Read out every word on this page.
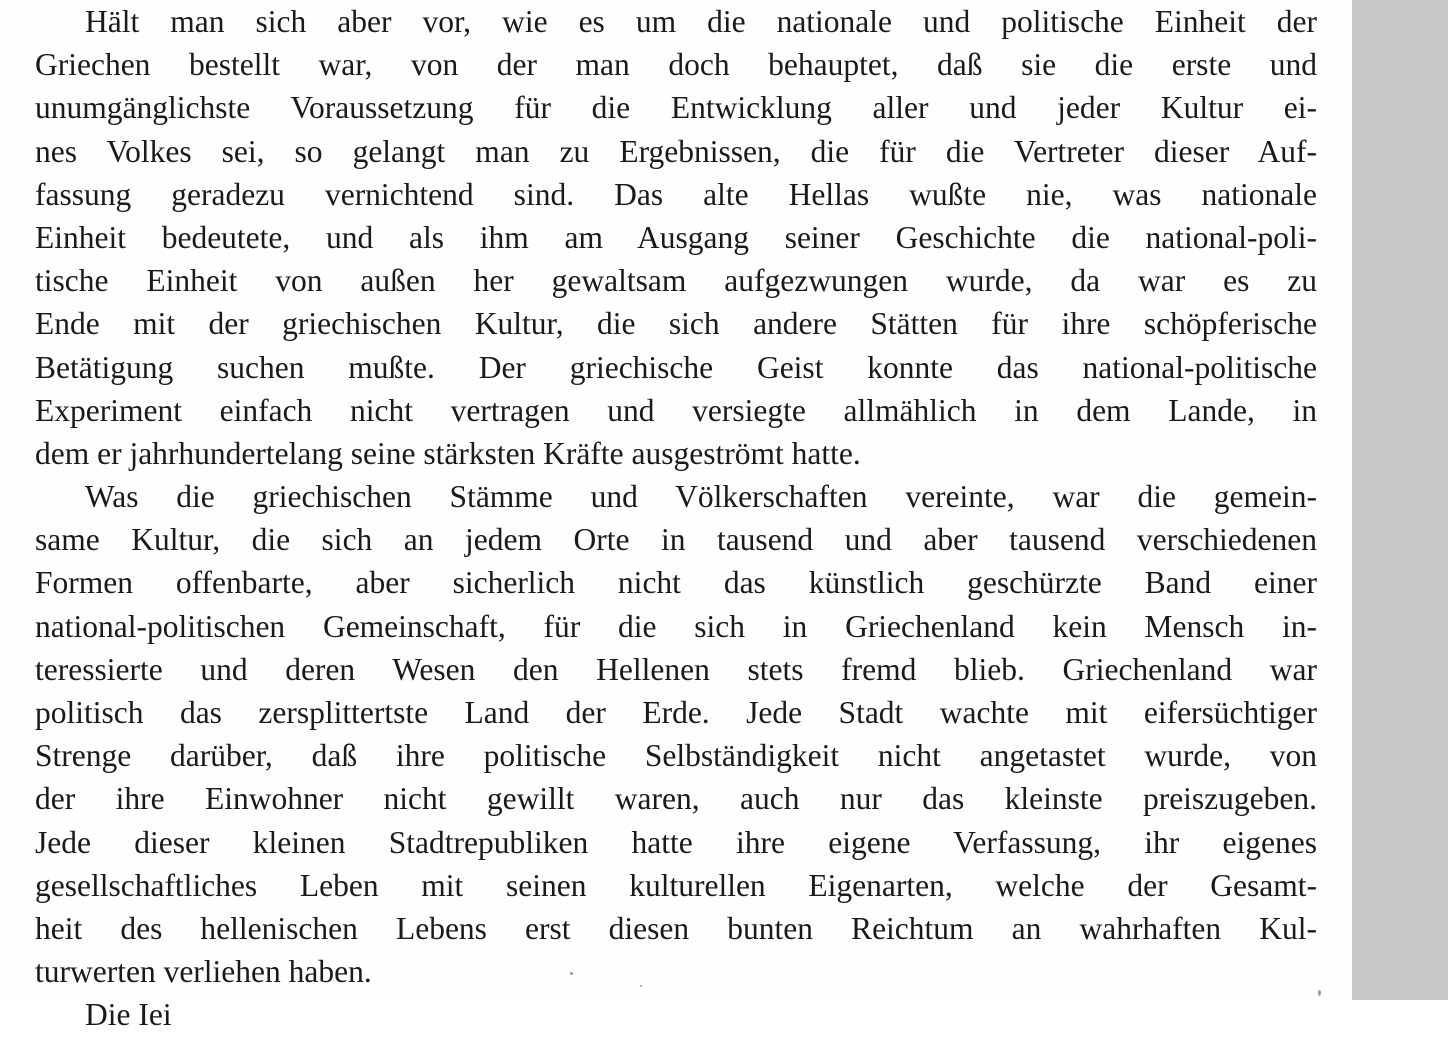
Hält man sich aber vor, wie es um die nationale und politische Einheit der
Griechen bestellt war, von der man doch behauptet, daß sie die erste und
unumgänglichste Voraussetzung für die Entwicklung aller und jeder Kultur ei-
nes Volkes sei, so gelangt man zu Ergebnissen, die für die Vertreter dieser Auf-
fassung geradezu vernichtend sind. Das alte Hellas wußte nie, was nationale
Einheit bedeutete, und als ihm am Ausgang seiner Geschichte die national-poli-
tische Einheit von außen her gewaltsam aufgezwungen wurde, da war es zu
Ende mit der griechischen Kultur, die sich andere Stätten für ihre schöpferische
Betätigung suchen mußte. Der griechische Geist konnte das national-politische
Experiment einfach nicht vertragen und versiegte allmählich in dem Lande, in
dem er jahrhundertelang seine stärksten Kräfte ausgeströmt hatte.
Was die griechischen Stämme und Völkerschaften vereinte, war die gemein-
same Kultur, die sich an jedem Orte in tausend und aber tausend verschiedenen
Formen offenbarte, aber sicherlich nicht das künstlich geschürzte Band einer
national-politischen Gemeinschaft, für die sich in Griechenland kein Mensch in-
teressierte und deren Wesen den Hellenen stets fremd blieb. Griechenland war
politisch das zersplittertste Land der Erde. Jede Stadt wachte mit eifersüchtiger
Strenge darüber, daß ihre politische Selbständigkeit nicht angetastet wurde, von
der ihre Einwohner nicht gewillt waren, auch nur das kleinste preiszugeben.
Jede dieser kleinen Stadtrepubliken hatte ihre eigene Verfassung, ihr eigenes
gesellschaftliches Leben mit seinen kulturellen Eigenarten, welche der Gesamt-
heit des hellenischen Lebens erst diesen bunten Reichtum an wahrhaften Kul-
turwerten verliehen haben.
Die Iei
